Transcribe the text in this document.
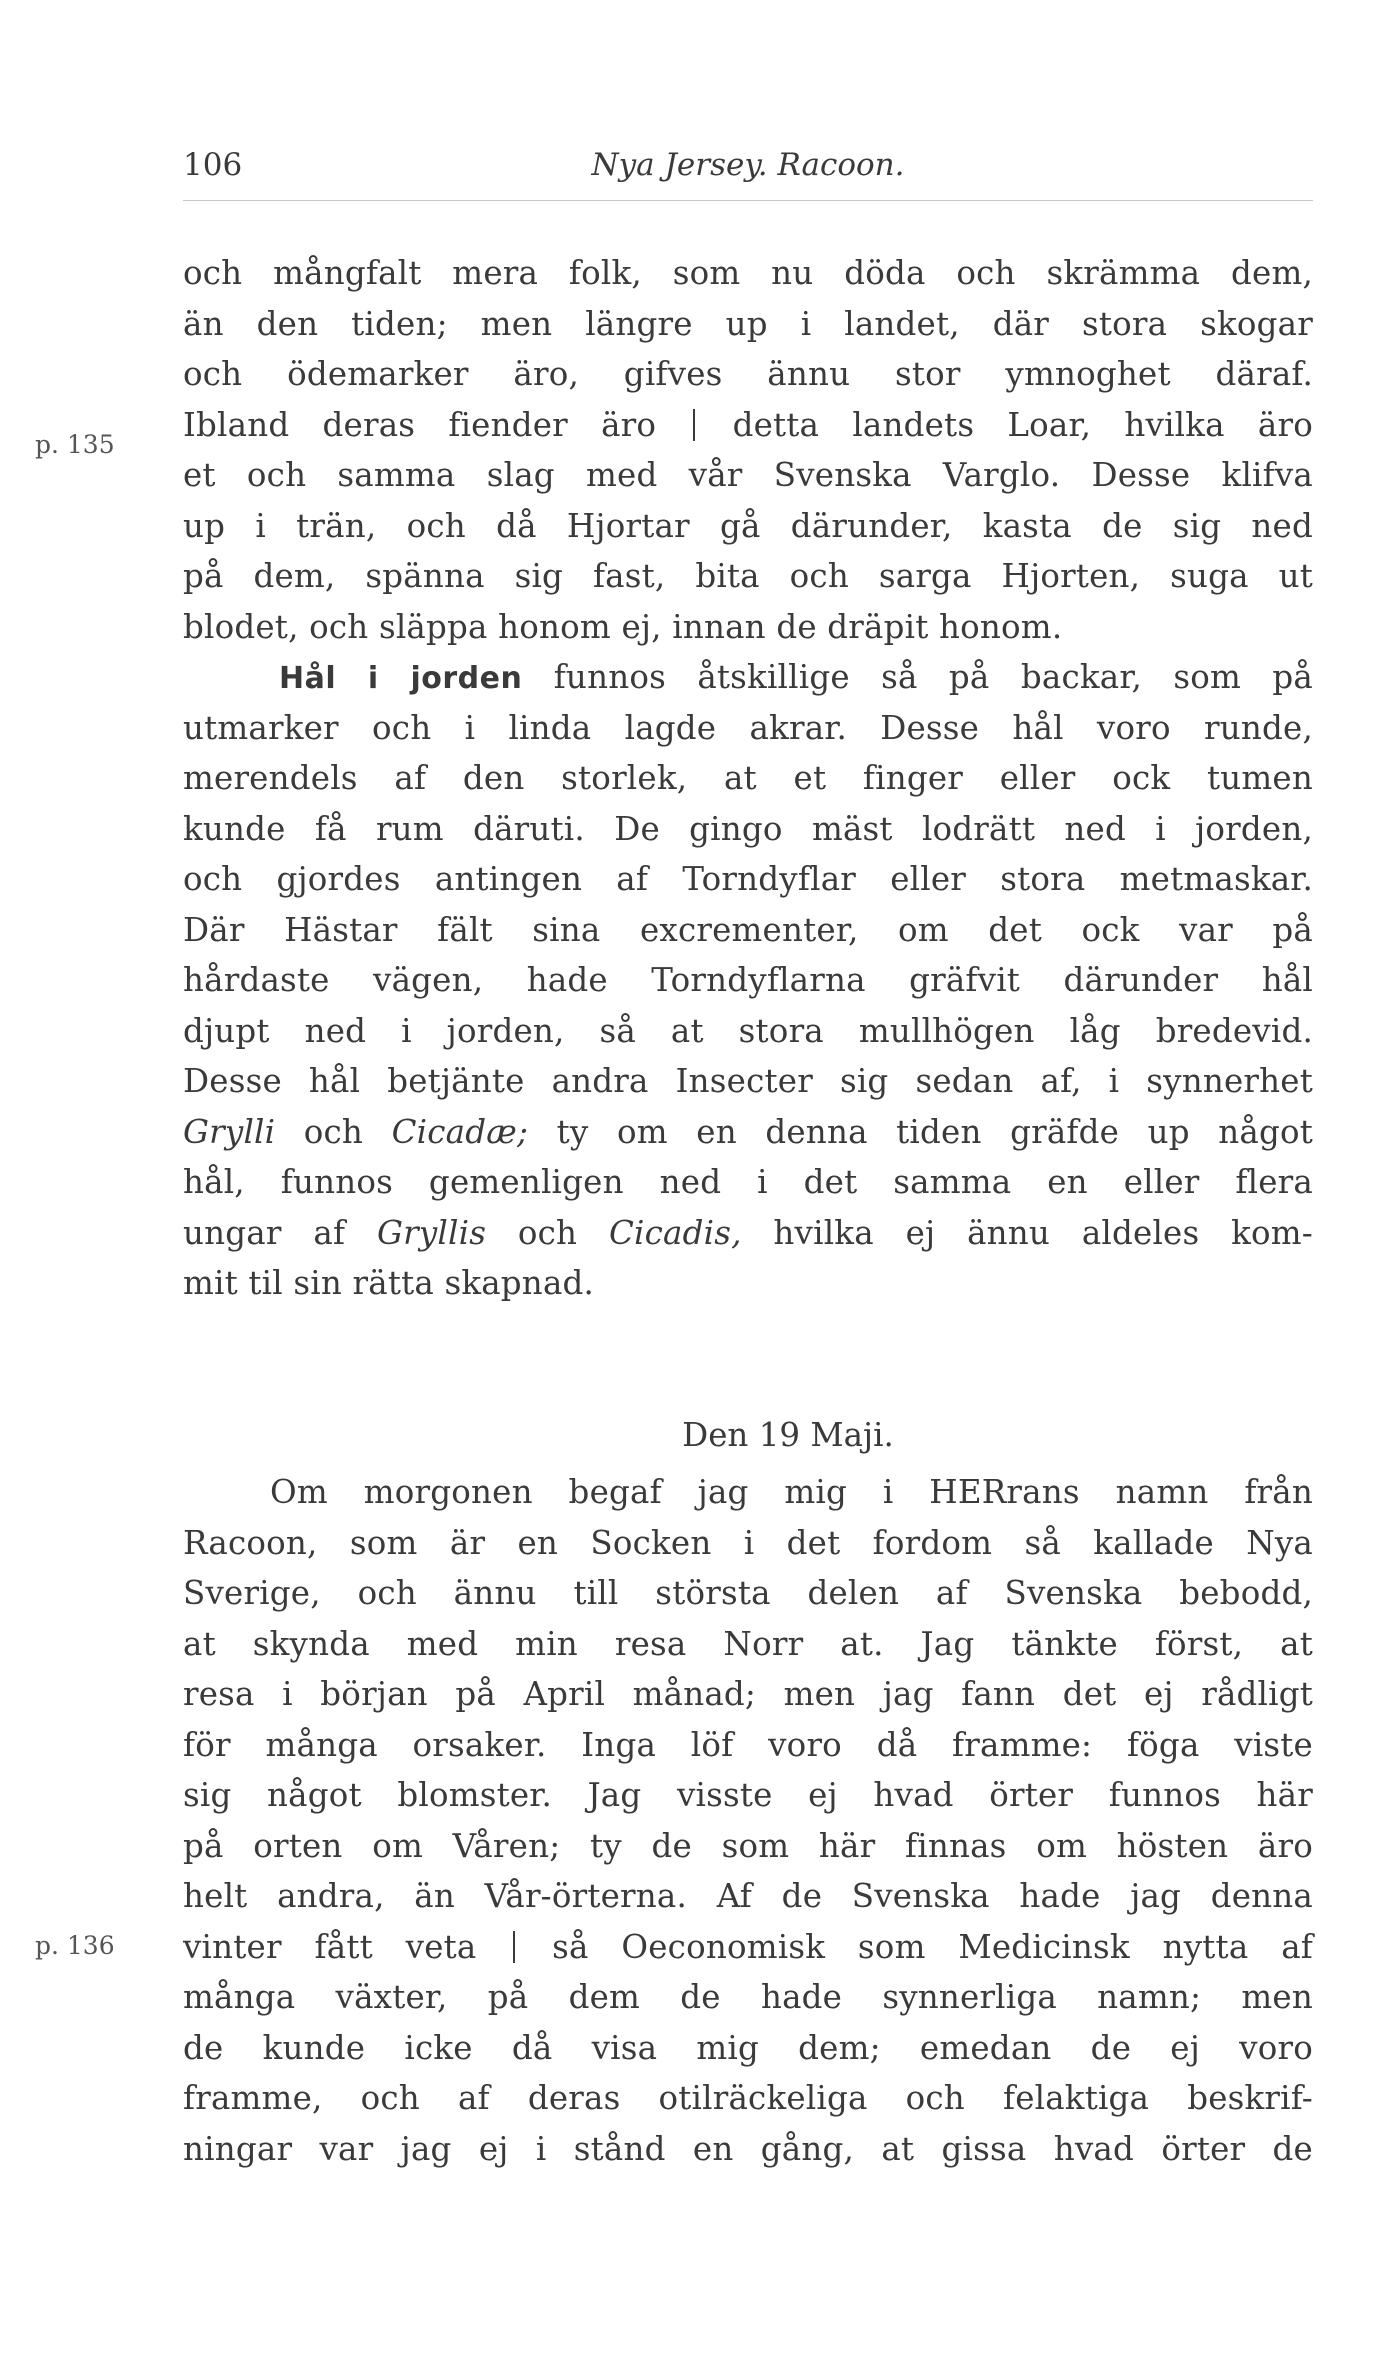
106	Nya Jersey. Racoon.
p. 135
p. 136
och mångfalt mera folk, som nu döda och skrämma dem,
än den tiden; men längre up i landet, där stora skogar
och ödemarker äro, gifves ännu stor ymnoghet däraf.
Ibland deras fiender äro detta landets Loar, hvilka äro
et och samma slag med vår Svenska Varglo. Desse klifva
up i trän, och då Hjortar gå därunder, kasta de sig ned
på dem, spänna sig fast, bita och sarga Hjorten, suga ut
blodet, och släppa honom ej, innan de dräpit honom.
Hål i jorden funnos åtskillige så på backar, som på
utmarker och i linda lagde akrar. Desse hål voro runde,
merendels af den storlek, at et finger eller ock tumen
kunde få rum däruti. De gingo mäst lodrätt ned i jorden,
och gjordes antingen af Torndyflar eller stora metmaskar.
Där Hästar fält sina excrementer, om det ock var på
hårdaste vägen, hade Torndyflarna gräfvit därunder hål
djupt ned i jorden, så at stora mullhögen låg bredevid.
Desse hål betjänte andra Insecter sig sedan af, i synnerhet
Grylli och Cicadæ; ty om en denna tiden gräfde up något
hål, funnos gemenligen ned i det samma en eller flera
ungar af Gryllis och Cicadis, hvilka ej ännu aldeles kom-
mit til sin rätta skapnad.
Den 19 Maji.
Om morgonen begaf jag mig i HERrans namn från
Racoon, som är en Socken i det fordom så kallade Nya
Sverige, och ännu till största delen af Svenska bebodd,
at skynda med min resa Norr at. Jag tänkte först, at
resa i början på April månad; men jag fann det ej rådligt
för många orsaker. Inga löf voro då framme: föga viste
sig något blomster. Jag visste ej hvad örter funnos här
på orten om Våren; ty de som här finnas om hösten äro
helt andra, än Vår-örterna. Af de Svenska hade jag denna
vinter fått veta så Oeconomisk som Medicinsk nytta af
många växter, på dem de hade synnerliga namn; men
de kunde icke då visa mig dem; emedan de ej voro
framme, och af deras otilräckeliga och felaktiga beskrif-
ningar var jag ej i stånd en gång, at gissa hvad örter de
